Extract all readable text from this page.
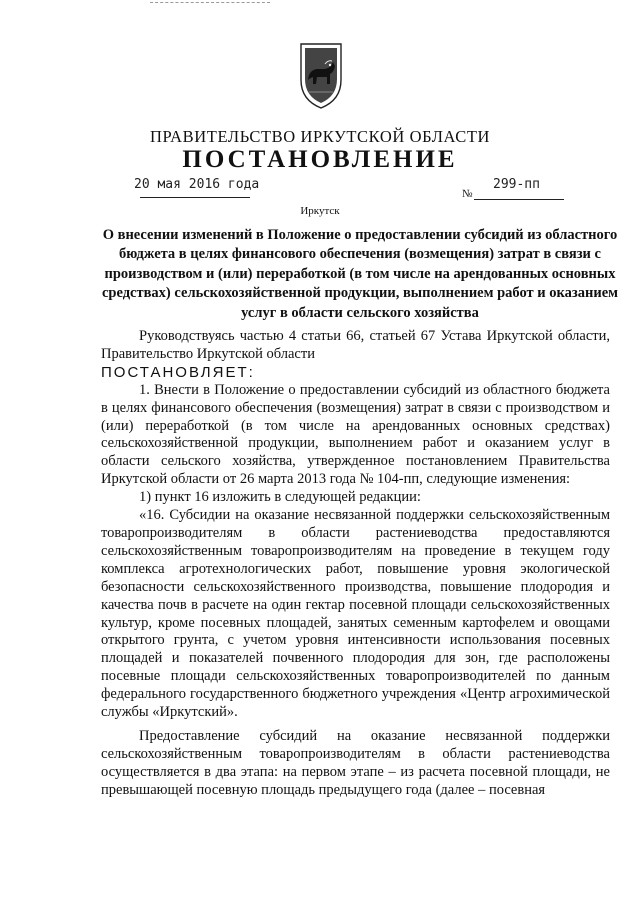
ПРАВИТЕЛЬСТВО ИРКУТСКОЙ ОБЛАСТИ
ПОСТАНОВЛЕНИЕ
20 мая 2016 года
№
299-пп
Иркутск
О внесении изменений в Положение о предоставлении субсидий из областного бюджета в целях финансового обеспечения (возмещения) затрат в связи с производством и (или) переработкой (в том числе на арендованных основных средствах) сельскохозяйственной продукции, выполнением работ и оказанием услуг в области сельского хозяйства

Руководствуясь частью 4 статьи 66, статьей 67 Устава Иркутской области, Правительство Иркутской области

ПОСТАНОВЛЯЕТ:

1. Внести в Положение о предоставлении субсидий из областного бюджета в целях финансового обеспечения (возмещения) затрат в связи с производством и (или) переработкой (в том числе на арендованных основных средствах) сельскохозяйственной продукции, выполнением работ и оказанием услуг в области сельского хозяйства, утвержденное постановлением Правительства Иркутской области от 26 марта 2013 года № 104-пп, следующие изменения:

1) пункт 16 изложить в следующей редакции:

«16. Субсидии на оказание несвязанной поддержки сельскохозяйственным товаропроизводителям в области растениеводства предоставляются сельскохозяйственным товаропроизводителям на проведение в текущем году комплекса агротехнологических работ, повышение уровня экологической безопасности сельскохозяйственного производства, повышение плодородия и качества почв в расчете на один гектар посевной площади сельскохозяйственных культур, кроме посевных площадей, занятых семенным картофелем и овощами открытого грунта, с учетом уровня интенсивности использования посевных площадей и показателей почвенного плодородия для зон, где расположены посевные площади сельскохозяйственных товаропроизводителей по данным федерального государственного бюджетного учреждения «Центр агрохимической службы «Иркутский».

Предоставление субсидий на оказание несвязанной поддержки сельскохозяйственным товаропроизводителям в области растениеводства осуществляется в два этапа: на первом этапе – из расчета посевной площади, не превышающей посевную площадь предыдущего года (далее – посевная
